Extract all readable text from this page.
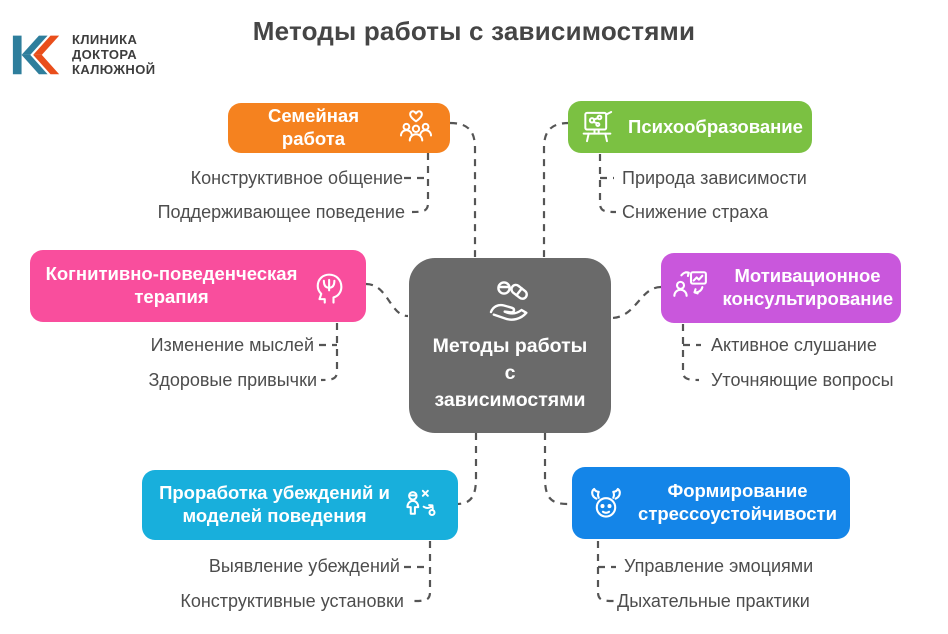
КЛИНИКА
ДОКТОРА
КАЛЮЖНОЙ
Методы работы с зависимостями
Методы работы
с
зависимостями
Семейная работа
Конструктивное общение
Поддерживающее поведение
Психообразование
Природа зависимости
Снижение страха
Когнитивно-поведенческая терапия
Изменение мыслей
Здоровые привычки
Мотивационное консультирование
Активное слушание
Уточняющие вопросы
Проработка убеждений и моделей поведения
Выявление убеждений
Конструктивные установки
Формирование стрессоустойчивости
Управление эмоциями
Дыхательные практики
